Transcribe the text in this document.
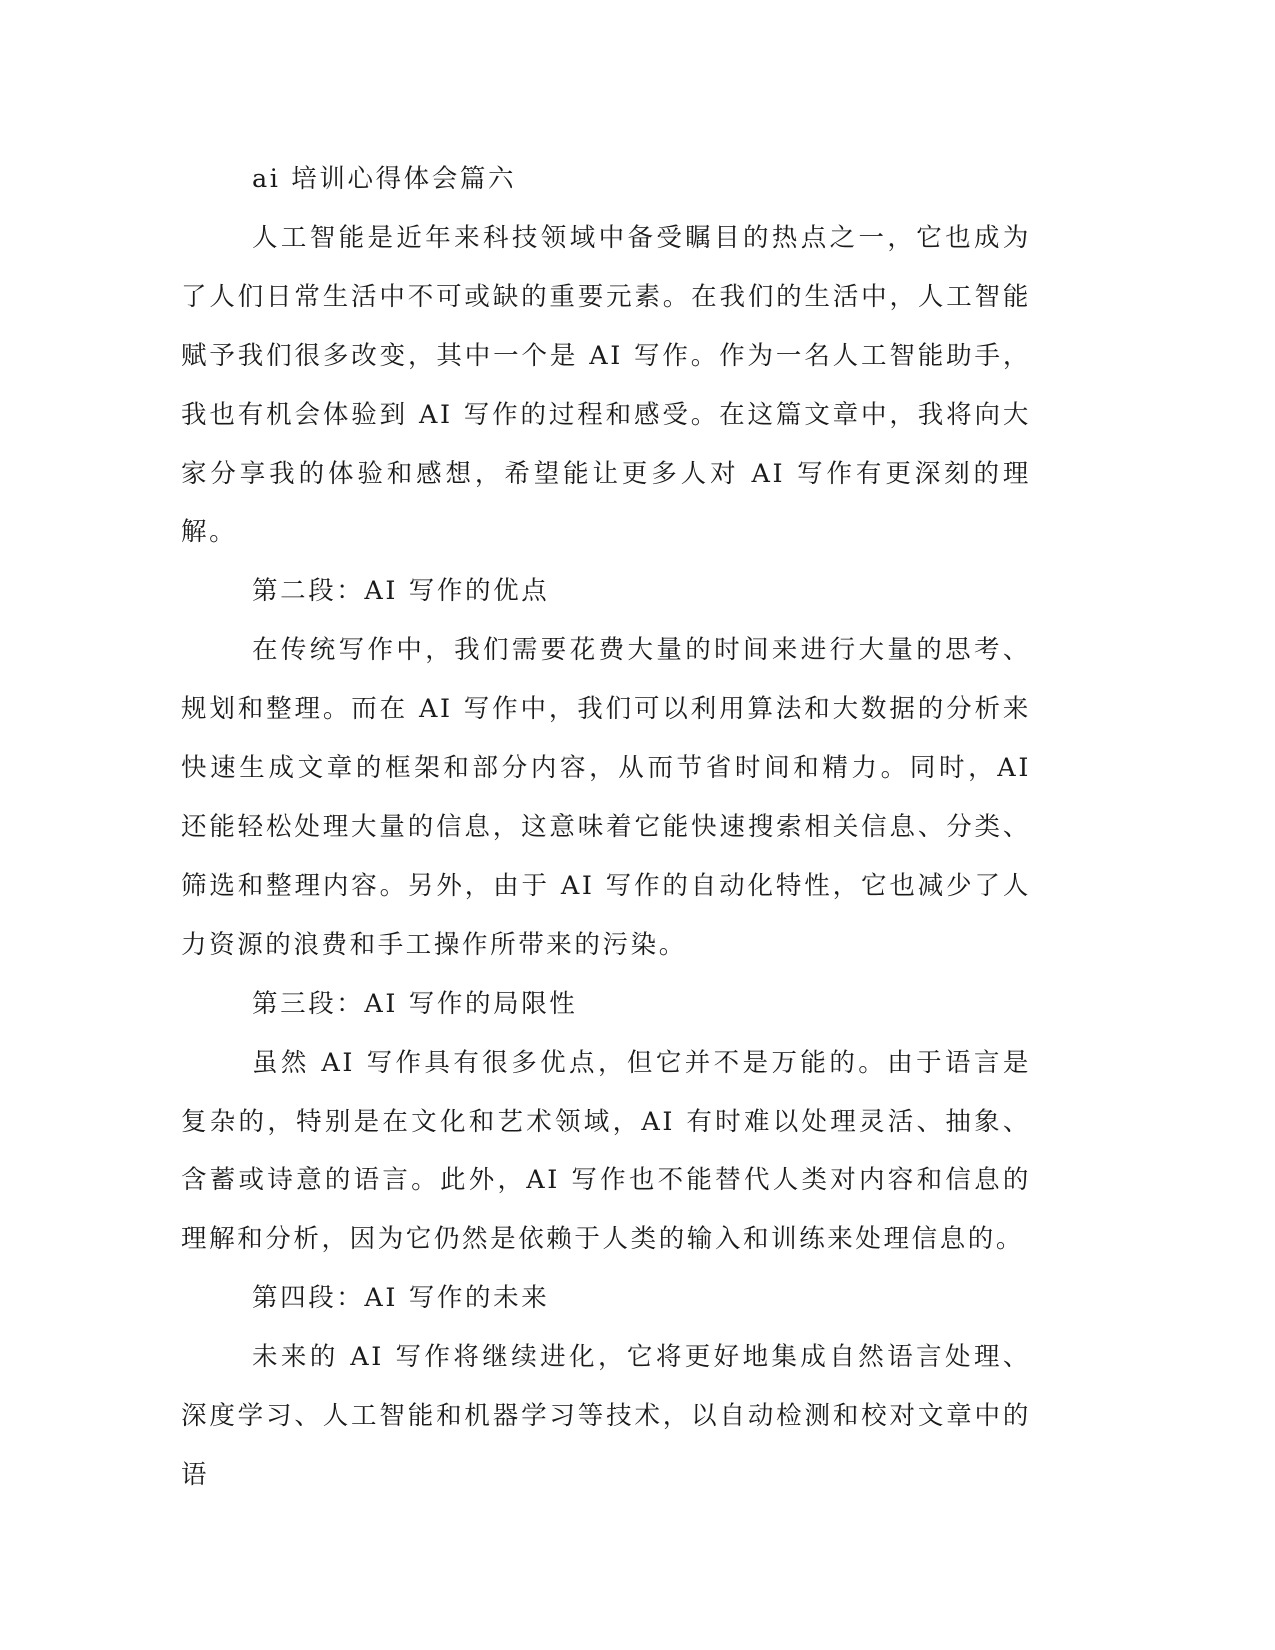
ai 培训心得体会篇六

人工智能是近年来科技领域中备受瞩目的热点之一，它也成为了人们日常生活中不可或缺的重要元素。在我们的生活中，人工智能赋予我们很多改变，其中一个是 AI 写作。作为一名人工智能助手，我也有机会体验到 AI 写作的过程和感受。在这篇文章中，我将向大家分享我的体验和感想，希望能让更多人对 AI 写作有更深刻的理解。

第二段：AI 写作的优点

在传统写作中，我们需要花费大量的时间来进行大量的思考、规划和整理。而在 AI 写作中，我们可以利用算法和大数据的分析来快速生成文章的框架和部分内容，从而节省时间和精力。同时，AI 还能轻松处理大量的信息，这意味着它能快速搜索相关信息、分类、筛选和整理内容。另外，由于 AI 写作的自动化特性，它也减少了人力资源的浪费和手工操作所带来的污染。

第三段：AI 写作的局限性

虽然 AI 写作具有很多优点，但它并不是万能的。由于语言是复杂的，特别是在文化和艺术领域，AI 有时难以处理灵活、抽象、含蓄或诗意的语言。此外，AI 写作也不能替代人类对内容和信息的理解和分析，因为它仍然是依赖于人类的输入和训练来处理信息的。

第四段：AI 写作的未来

未来的 AI 写作将继续进化，它将更好地集成自然语言处理、深度学习、人工智能和机器学习等技术，以自动检测和校对文章中的语
